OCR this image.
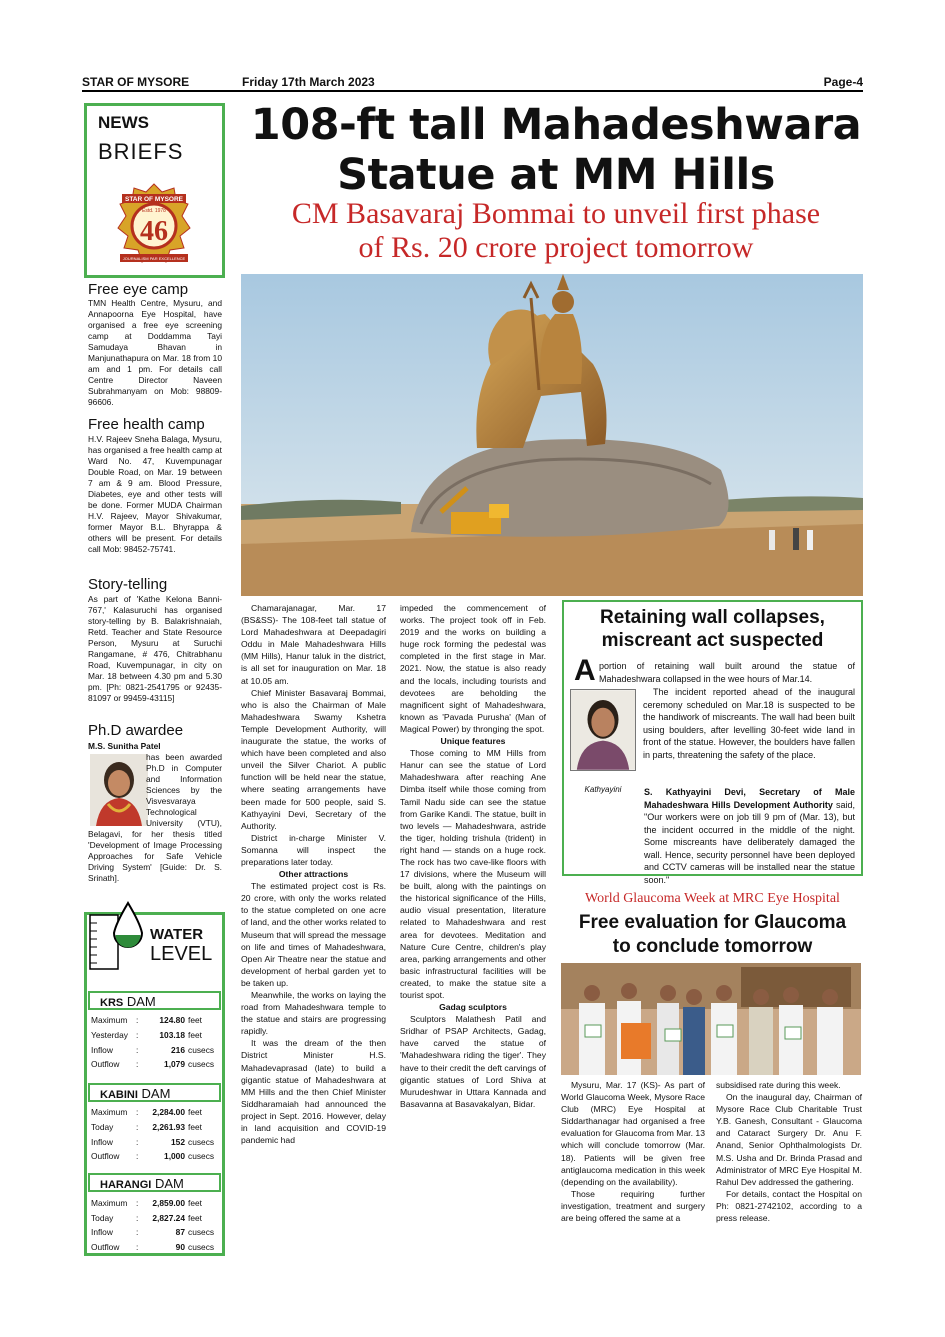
STAR OF MYSORE	Friday 17th March 2023	Page-4
NEWS
BRIEFS
STAR OF MYSORE
Estd. 1978
46
JOURNALISM PAR EXCELLENCE
Free eye camp
TMN Health Centre, Mysuru, and Annapoorna Eye Hospital, have organised a free eye screening camp at Doddamma Tayi Samudaya Bhavan in Manjunathapura on Mar. 18 from 10 am and 1 pm. For details call Centre Director Naveen Subrahmanyam on Mob: 98809-96606.
Free health camp
H.V. Rajeev Sneha Balaga, Mysuru, has organised a free health camp at Ward No. 47, Kuvempunagar Double Road, on Mar. 19 between 7 am & 9 am. Blood Pressure, Diabetes, eye and other tests will be done. Former MUDA Chairman H.V. Rajeev, Mayor Shivakumar, former Mayor B.L. Bhyrappa & others will be present. For details call Mob: 98452-75741.
Story-telling
As part of 'Kathe Kelona Banni-767,' Kalasuruchi has organised story-telling by B. Balakrishnaiah, Retd. Teacher and State Resource Person, Mysuru at Suruchi Rangamane, # 476, Chitrabhanu Road, Kuvempunagar, in city on Mar. 18 between 4.30 pm and 5.30 pm. [Ph: 0821-2541795 or 92435-81097 or 99459-43115]
Ph.D awardee
M.S. Sunitha Patel

has been awarded Ph.D in Computer and Information Sciences by the Visvesvaraya Technological University (VTU), Belagavi, for her thesis titled 'Development of Image Processing Approaches for Safe Vehicle Driving System' [Guide: Dr. S. Srinath].
WATER
LEVEL
KRS DAM
Maximum :	124.80 feet
Yesterday :	103.18 feet
Inflow	:	216 cusecs
Outflow :	1,079 cusecs
KABINI DAM
Maximum : 2,284.00 feet
Today	: 2,261.93 feet
Inflow	:	152 cusecs
Outflow :	1,000 cusecs
HARANGI DAM
Maximum : 2,859.00 feet
Today	: 2,827.24 feet
Inflow	:	87 cusecs
Outflow :	90 cusecs
108-ft tall Mahadeshwara
Statue at MM Hills
CM Basavaraj Bommai to unveil first phase
of Rs. 20 crore project tomorrow

Chamarajanagar, Mar. 17 (BS&SS)- The 108-feet tall statue of Lord Mahadeshwara at Deepadagiri Oddu in Male Mahadeshwara Hills (MM Hills), Hanur taluk in the district, is all set for inauguration on Mar. 18 at 10.05 am.

Chief Minister Basavaraj Bommai, who is also the Chairman of Male Mahadeshwara Swamy Kshetra Temple Development Authority, will inaugurate the statue, the works of which have been completed and also unveil the Silver Chariot. A public function will be held near the statue, where seating arrangements have been made for 500 people, said S. Kathyayini Devi, Secretary of the Authority.

District in-charge Minister V. Somanna will inspect the preparations later today.

Other attractions

The estimated project cost is Rs. 20 crore, with only the works related to the statue completed on one acre of land, and the other works related to Museum that will spread the message on life and times of Mahadeshwara, Open Air Theatre near the statue and development of herbal garden yet to be taken up.

Meanwhile, the works on laying the road from Mahadeshwara temple to the statue and stairs are progressing rapidly.

It was the dream of the then District Minister H.S. Mahadevaprasad (late) to build a gigantic statue of Mahadeshwara at MM Hills and the then Chief Minister Siddharamaiah had announced the project in Sept. 2016. However, delay in land acquisition and COVID-19 pandemic had

impeded the commencement of works. The project took off in Feb. 2019 and the works on building a huge rock forming the pedestal was completed in the first stage in Mar. 2021. Now, the statue is also ready and the locals, including tourists and devotees are beholding the magnificent sight of Mahadeshwara, known as 'Pavada Purusha' (Man of Magical Power) by thronging the spot.

Unique features

Those coming to MM Hills from Hanur can see the statue of Lord Mahadeshwara after reaching Ane Dimba itself while those coming from Tamil Nadu side can see the statue from Garike Kandi. The statue, built in two levels — Mahadeshwara, astride the tiger, holding trishula (trident) in right hand — stands on a huge rock. The rock has two cave-like floors with 17 divisions, where the Museum will be built, along with the paintings on the historical significance of the Hills, audio visual presentation, literature related to Mahadeshwara and rest area for devotees. Meditation and Nature Cure Centre, children's play area, parking arrangements and other basic infrastructural facilities will be created, to make the statue site a tourist spot.

Gadag sculptors

Sculptors Malathesh Patil and Sridhar of PSAP Architects, Gadag, have carved the statue of 'Mahadeshwara riding the tiger'. They have to their credit the deft carvings of gigantic statues of Lord Shiva at Murudeshwar in Uttara Kannada and Basavanna at Basavakalyan, Bidar.

Retaining wall collapses,
miscreant act suspected
A portion of retaining wall built around the statue of Mahadeshwara collapsed in the wee hours of Mar.14.
Kathyayini

The incident reported ahead of the inaugural ceremony scheduled on Mar.18 is suspected to be the handiwork of miscreants. The wall had been built using boulders, after levelling 30-feet wide land in front of the statue. However, the boulders have fallen in parts, threatening the safety of the place.

S. Kathyayini Devi, Secretary of Male Mahadeshwara Hills Development Authority said, "Our workers were on job till 9 pm of (Mar. 13), but the incident occurred in the middle of the night. Some miscreants have deliberately damaged the wall. Hence, security personnel have been deployed and CCTV cameras will be installed near the statue soon."

World Glaucoma Week at MRC Eye Hospital
Free evaluation for Glaucoma
to conclude tomorrow

Mysuru, Mar. 17 (KS)- As part of World Glaucoma Week, Mysore Race Club (MRC) Eye Hospital at Siddarthanagar had organised a free evaluation for Glaucoma from Mar. 13 which will conclude tomorrow (Mar. 18). Patients will be given free antiglaucoma medication in this week (depending on the availability).

Those requiring further investigation, treatment and surgery are being offered the same at a

subsidised rate during this week.

On the inaugural day, Chairman of Mysore Race Club Charitable Trust Y.B. Ganesh, Consultant - Glaucoma and Cataract Surgery Dr. Anu F. Anand, Senior Ophthalmologists Dr. M.S. Usha and Dr. Brinda Prasad and Administrator of MRC Eye Hospital M. Rahul Dev addressed the gathering.

For details, contact the Hospital on Ph: 0821-2742102, according to a press release.
